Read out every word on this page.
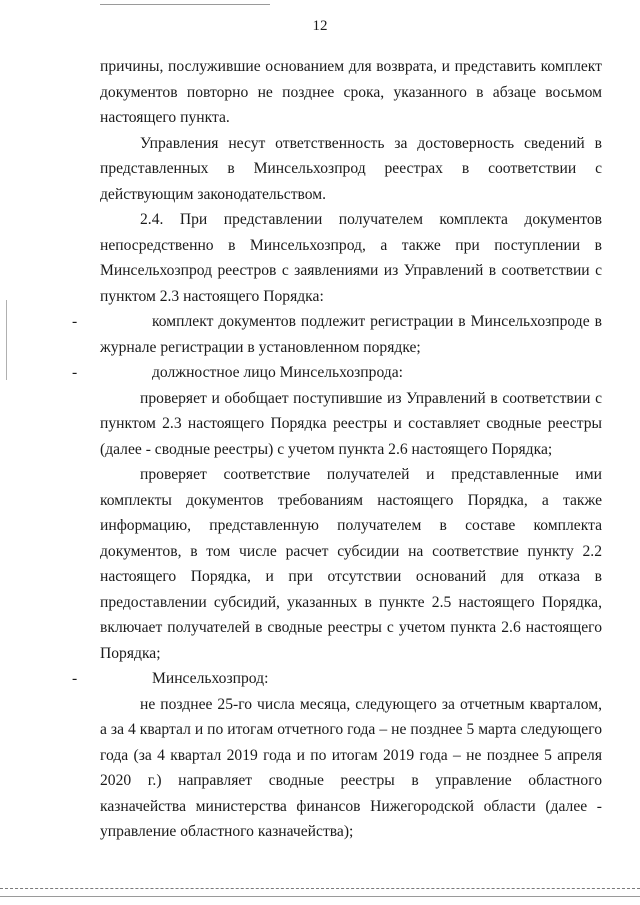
12

причины, послужившие основанием для возврата, и представить комплект документов повторно не позднее срока, указанного в абзаце восьмом настоящего пункта.

Управления несут ответственность за достоверность сведений в представленных в Минсельхозпрод реестрах в соответствии с действующим законодательством.

2.4. При представлении получателем комплекта документов непосредственно в Минсельхозпрод, а также при поступлении в Минсельхозпрод реестров с заявлениями из Управлений в соответствии с пунктом 2.3 настоящего Порядка:

-	комплект документов подлежит регистрации в Минсельхозпроде в журнале регистрации в установленном порядке;

-	должностное лицо Минсельхозпрода:

проверяет и обобщает поступившие из Управлений в соответствии с пунктом 2.3 настоящего Порядка реестры и составляет сводные реестры (далее - сводные реестры) с учетом пункта 2.6 настоящего Порядка;

проверяет соответствие получателей и представленные ими комплекты документов требованиям настоящего Порядка, а также информацию, представленную получателем в составе комплекта документов, в том числе расчет субсидии на соответствие пункту 2.2 настоящего Порядка, и при отсутствии оснований для отказа в предоставлении субсидий, указанных в пункте 2.5 настоящего Порядка, включает получателей в сводные реестры с учетом пункта 2.6 настоящего Порядка;

-	Минсельхозпрод:

не позднее 25-го числа месяца, следующего за отчетным кварталом, а за 4 квартал и по итогам отчетного года – не позднее 5 марта следующего года (за 4 квартал 2019 года и по итогам 2019 года – не позднее 5 апреля 2020 г.) направляет сводные реестры в управление областного казначейства министерства финансов Нижегородской области (далее - управление областного казначейства);
